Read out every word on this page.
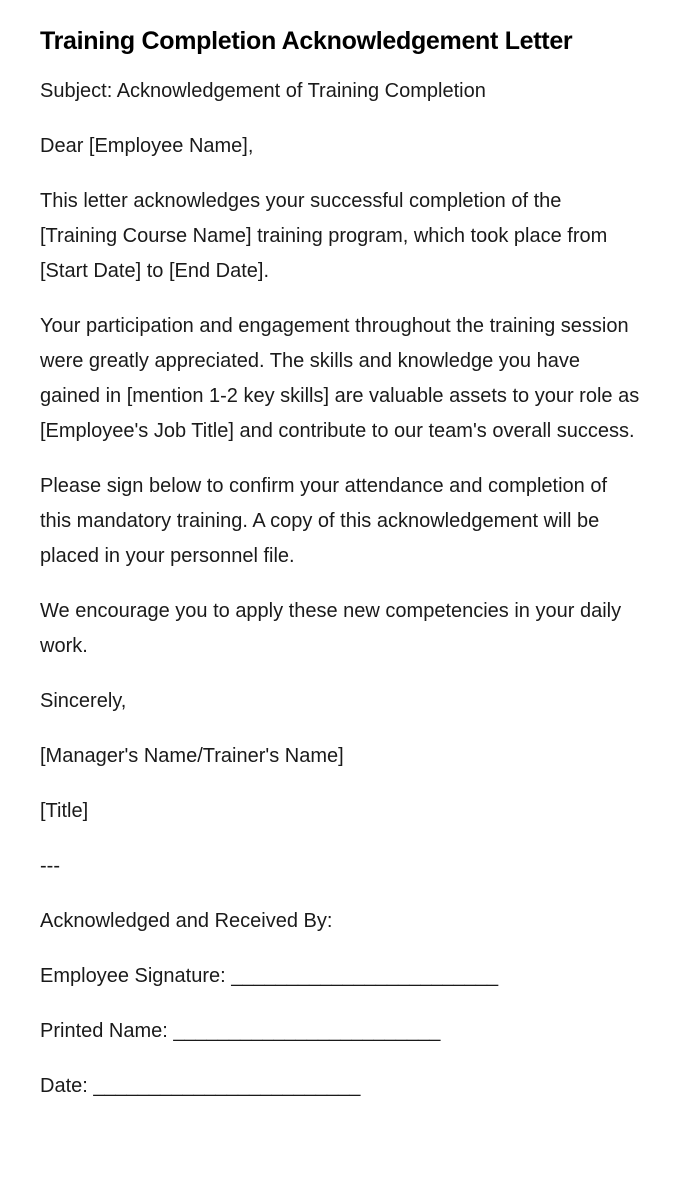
Training Completion Acknowledgement Letter
Subject: Acknowledgement of Training Completion
Dear [Employee Name],
This letter acknowledges your successful completion of the [Training Course Name] training program, which took place from [Start Date] to [End Date].
Your participation and engagement throughout the training session were greatly appreciated. The skills and knowledge you have gained in [mention 1-2 key skills] are valuable assets to your role as [Employee's Job Title] and contribute to our team's overall success.
Please sign below to confirm your attendance and completion of this mandatory training. A copy of this acknowledgement will be placed in your personnel file.
We encourage you to apply these new competencies in your daily work.
Sincerely,
[Manager's Name/Trainer's Name]
[Title]
---
Acknowledged and Received By:
Employee Signature: ________________________
Printed Name: ________________________
Date: ________________________
